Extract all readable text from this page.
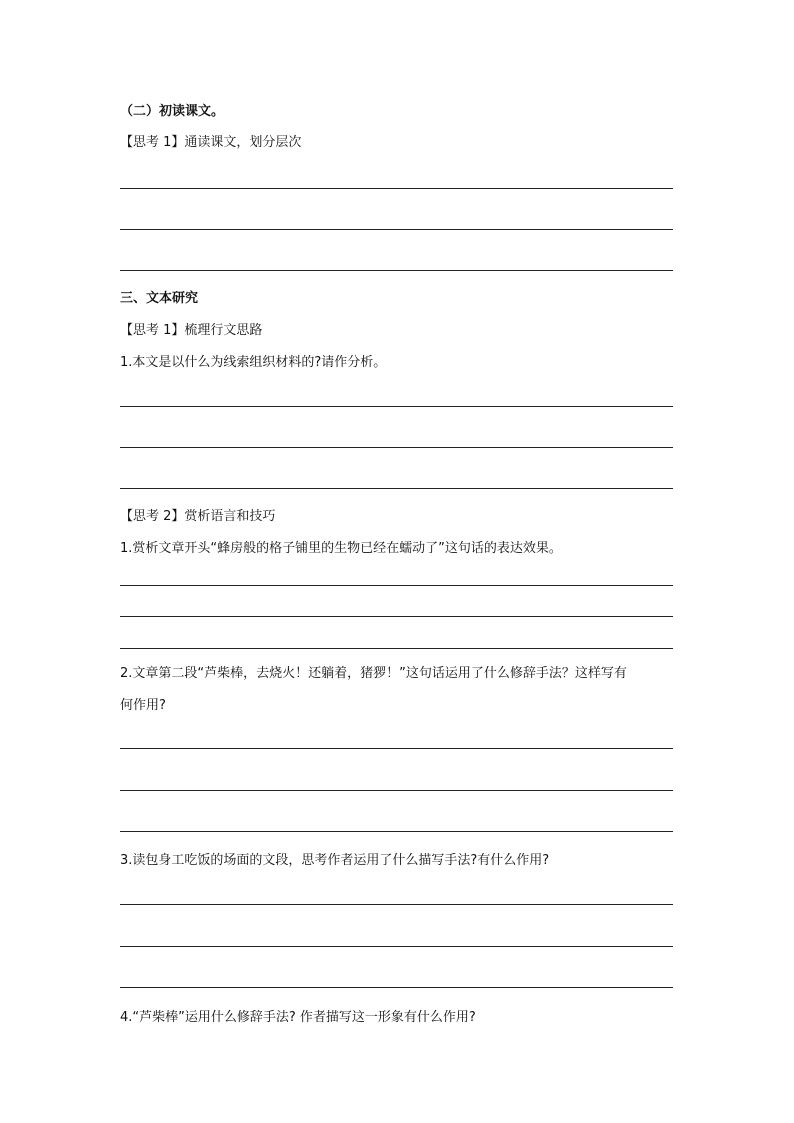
（二）初读课文。
【思考 1】通读课文，划分层次
三、文本研究
【思考 1】梳理行文思路
1.本文是以什么为线索组织材料的?请作分析。
【思考 2】赏析语言和技巧
1.赏析文章开头“蜂房般的格子铺里的生物已经在蠕动了”这句话的表达效果。
2.文章第二段“芦柴棒，去烧火！还躺着，猪猡！”这句话运用了什么修辞手法？这样写有
何作用?
3.读包身工吃饭的场面的文段，思考作者运用了什么描写手法?有什么作用?
4.“芦柴棒”运用什么修辞手法? 作者描写这一形象有什么作用?
